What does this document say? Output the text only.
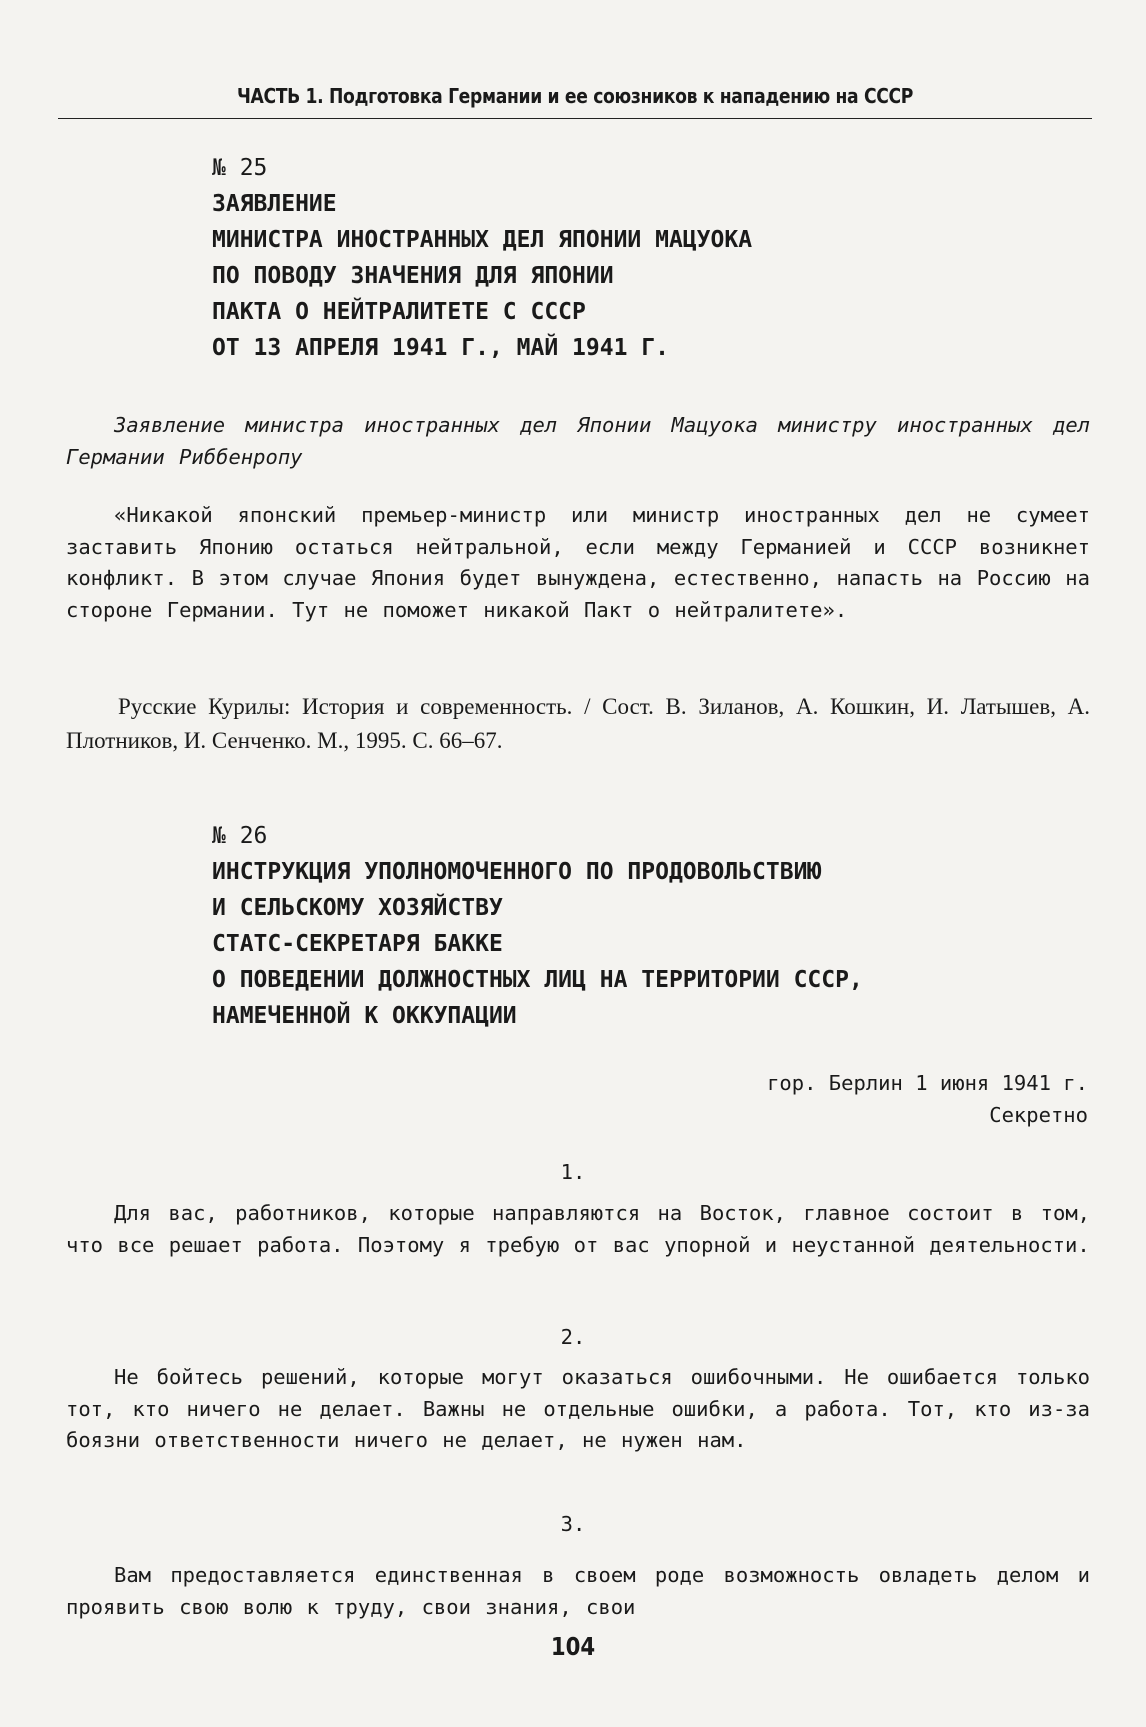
ЧАСТЬ 1. Подготовка Германии и ее союзников к нападению на СССР
№ 25
ЗАЯВЛЕНИЕ
МИНИСТРА ИНОСТРАННЫХ ДЕЛ ЯПОНИИ МАЦУОКА
ПО ПОВОДУ ЗНАЧЕНИЯ ДЛЯ ЯПОНИИ
ПАКТА О НЕЙТРАЛИТЕТЕ С СССР
ОТ 13 АПРЕЛЯ 1941 Г., МАЙ 1941 Г.
Заявление министра иностранных дел Японии Мацуока министру иностранных дел Германии Риббенропу
«Никакой японский премьер-министр или министр иностранных дел не сумеет заставить Японию остаться нейтральной, если между Германией и СССР возникнет конфликт. В этом случае Япония будет вынуждена, естественно, напасть на Россию на стороне Германии. Тут не поможет никакой Пакт о нейтралитете».
Русские Курилы: История и современность. / Сост. В. Зиланов, А. Кошкин, И. Латышев, А. Плотников, И. Сенченко. М., 1995. С. 66–67.
№ 26
ИНСТРУКЦИЯ УПОЛНОМОЧЕННОГО ПО ПРОДОВОЛЬСТВИЮ
И СЕЛЬСКОМУ ХОЗЯЙСТВУ
СТАТС-СЕКРЕТАРЯ БАККЕ
О ПОВЕДЕНИИ ДОЛЖНОСТНЫХ ЛИЦ НА ТЕРРИТОРИИ СССР,
НАМЕЧЕННОЙ К ОККУПАЦИИ
гор. Берлин 1 июня 1941 г.
Секретно
1.
Для вас, работников, которые направляются на Восток, главное состоит в том, что все решает работа. Поэтому я требую от вас упорной и неустанной деятельности.
2.
Не бойтесь решений, которые могут оказаться ошибочными. Не ошибается только тот, кто ничего не делает. Важны не отдельные ошибки, а работа. Тот, кто из-за боязни ответственности ничего не делает, не нужен нам.
3.
Вам предоставляется единственная в своем роде возможность овладеть делом и проявить свою волю к труду, свои знания, свои
104
